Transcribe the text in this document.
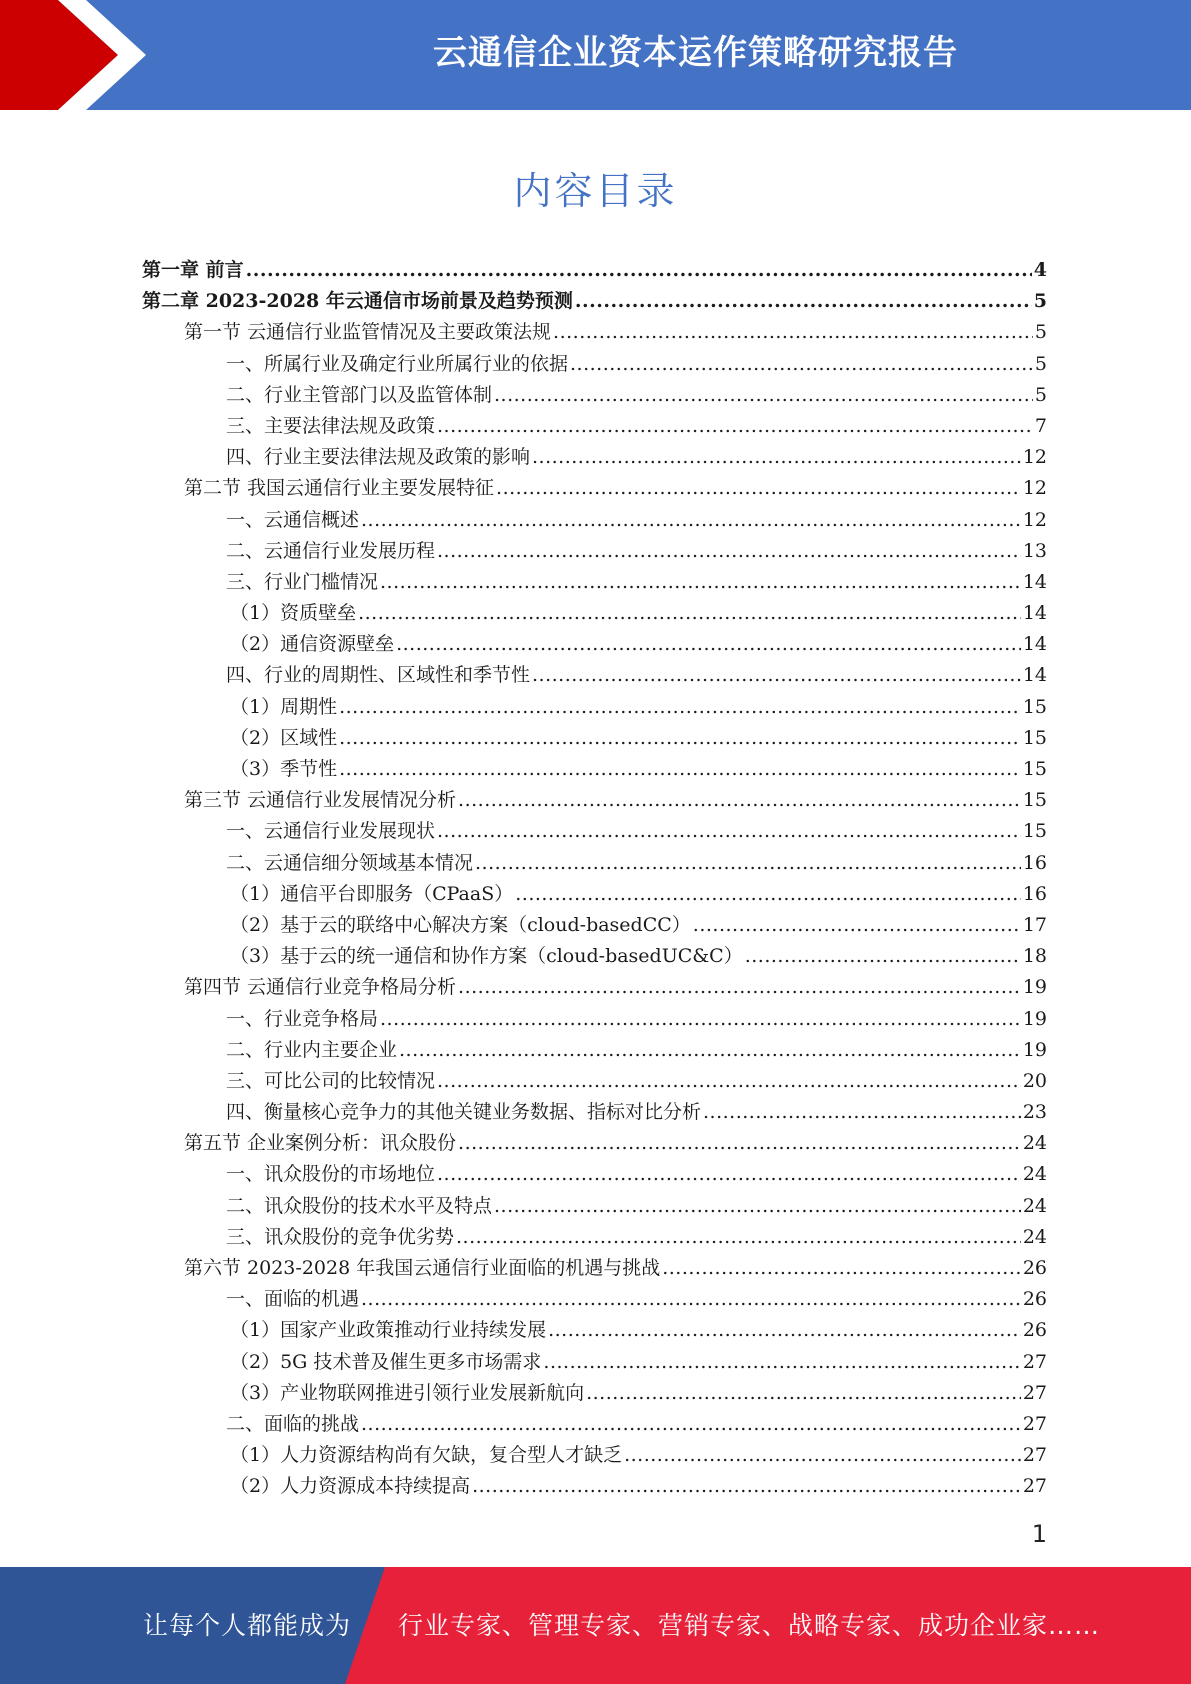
云通信企业资本运作策略研究报告
内容目录
第一章 前言 .....	4
第二章 2023-2028 年云通信市场前景及趋势预测 .....	5
第一节 云通信行业监管情况及主要政策法规 .....	5
一、所属行业及确定行业所属行业的依据 .....	5
二、行业主管部门以及监管体制 .....	5
三、主要法律法规及政策 .....	7
四、行业主要法律法规及政策的影响 .....	12
第二节 我国云通信行业主要发展特征 .....	12
一、云通信概述 .....	12
二、云通信行业发展历程 .....	13
三、行业门槛情况 .....	14
（1）资质壁垒 .....	14
（2）通信资源壁垒 .....	14
四、行业的周期性、区域性和季节性 .....	14
（1）周期性 .....	15
（2）区域性 .....	15
（3）季节性 .....	15
第三节 云通信行业发展情况分析 .....	15
一、云通信行业发展现状 .....	15
二、云通信细分领域基本情况 .....	16
（1）通信平台即服务（CPaaS） .....	16
（2）基于云的联络中心解决方案（cloud-basedCC） .....	17
（3）基于云的统一通信和协作方案（cloud-basedUC&C） .....	18
第四节 云通信行业竞争格局分析 .....	19
一、行业竞争格局 .....	19
二、行业内主要企业 .....	19
三、可比公司的比较情况 .....	20
四、衡量核心竞争力的其他关键业务数据、指标对比分析 .....	23
第五节 企业案例分析：讯众股份 .....	24
一、讯众股份的市场地位 .....	24
二、讯众股份的技术水平及特点 .....	24
三、讯众股份的竞争优劣势 .....	24
第六节 2023-2028 年我国云通信行业面临的机遇与挑战 .....	26
一、面临的机遇 .....	26
（1）国家产业政策推动行业持续发展 .....	26
（2）5G 技术普及催生更多市场需求 .....	27
（3）产业物联网推进引领行业发展新航向 .....	27
二、面临的挑战 .....	27
（1）人力资源结构尚有欠缺，复合型人才缺乏 .....	27
（2）人力资源成本持续提高 .....	27
1
让每个人都能成为 行业专家、管理专家、营销专家、战略专家、成功企业家……
